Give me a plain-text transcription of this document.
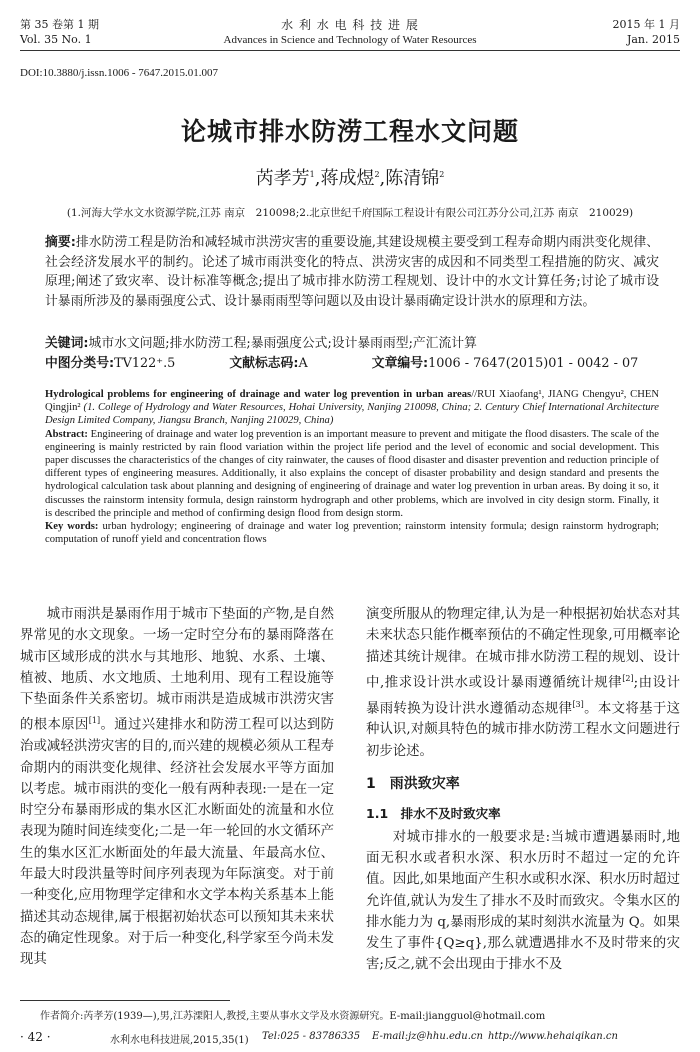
第 35 卷第 1 期
Vol. 35 No. 1
水 利 水 电 科 技 进 展
Advances in Science and Technology of Water Resources
2015 年 1 月
Jan. 2015
DOI:10.3880/j.issn.1006 - 7647.2015.01.007
论城市排水防涝工程水文问题
芮孝芳$^1$,蒋成煜$^2$,陈清锦$^2$
(1.河海大学水文水资源学院,江苏 南京　210098;2.北京世纪千府国际工程设计有限公司江苏分公司,江苏 南京　210029)
摘要:排水防涝工程是防治和减轻城市洪涝灾害的重要设施,其建设规模主要受到工程寿命期内雨洪变化规律、社会经济发展水平的制约。论述了城市雨洪变化的特点、洪涝灾害的成因和不同类型工程措施的防灾、减灾原理;阐述了致灾率、设计标准等概念;提出了城市排水防涝工程规划、设计中的水文计算任务;讨论了城市设计暴雨所涉及的暴雨强度公式、设计暴雨雨型等问题以及由设计暴雨确定设计洪水的原理和方法。
关键词:城市水文问题;排水防涝工程;暴雨强度公式;设计暴雨雨型;产汇流计算
中图分类号:TV122⁺.5	文献标志码:A	文章编号:1006 - 7647(2015)01 - 0042 - 07
Hydrological problems for engineering of drainage and water log prevention in urban areas//RUI Xiaofang¹, JIANG Chengyu², CHEN Qingjin² (1. College of Hydrology and Water Resources, Hohai University, Nanjing 210098, China; 2. Century Chief International Architecture Design Limited Company, Jiangsu Branch, Nanjing 210029, China)
Abstract: Engineering of drainage and water log prevention is an important measure to prevent and mitigate the flood disasters. The scale of the engineering is mainly restricted by rain flood variation within the project life period and the level of economic and social development. This paper discusses the characteristics of the changes of city rainwater, the causes of flood disaster and disaster prevention and reduction principle of different types of engineering measures. Additionally, it also explains the concept of disaster probability and design standard and presents the hydrological calculation task about planning and designing of engineering of drainage and water log prevention in urban areas. By doing it so, it discusses the rainstorm intensity formula, design rainstorm hydrograph and other problems, which are involved in city design storm. Finally, it is described the principle and method of confirming design flood from design storm.
Key words: urban hydrology; engineering of drainage and water log prevention; rainstorm intensity formula; design rainstorm hydrograph; computation of runoff yield and concentration flows

城市雨洪是暴雨作用于城市下垫面的产物,是自然界常见的水文现象。一场一定时空分布的暴雨降落在城市区域形成的洪水与其地形、地貌、水系、土壤、植被、地质、水文地质、土地利用、现有工程设施等下垫面条件关系密切。城市雨洪是造成城市洪涝灾害的根本原因[1]。通过兴建排水和防涝工程可以达到防治或减轻洪涝灾害的目的,而兴建的规模必须从工程寿命期内的雨洪变化规律、经济社会发展水平等方面加以考虑。城市雨洪的变化一般有两种表现:一是在一定时空分布暴雨形成的集水区汇水断面处的流量和水位表现为随时间连续变化;二是一年一轮回的水文循环产生的集水区汇水断面处的年最大流量、年最高水位、年最大时段洪量等时间序列表现为年际演变。对于前一种变化,应用物理学定律和水文学本构关系基本上能描述其动态规律,属于根据初始状态可以预知其未来状态的确定性现象。对于后一种变化,科学家至今尚未发现其

演变所服从的物理定律,认为是一种根据初始状态对其未来状态只能作概率预估的不确定性现象,可用概率论描述其统计规律。在城市排水防涝工程的规划、设计中,推求设计洪水或设计暴雨遵循统计规律[2];由设计暴雨转换为设计洪水遵循动态规律[3]。本文将基于这种认识,对颇具特色的城市排水防涝工程水文问题进行初步论述。

1　雨洪致灾率
1.1　排水不及时致灾率

对城市排水的一般要求是:当城市遭遇暴雨时,地面无积水或者积水深、积水历时不超过一定的允许值。因此,如果地面产生积水或积水深、积水历时超过允许值,就认为发生了排水不及时而致灾。令集水区的排水能力为 q,暴雨形成的某时刻洪水流量为 Q。如果发生了事件{Q≥q},那么就遭遇排水不及时带来的灾害;反之,就不会出现由于排水不及

作者简介:芮孝芳(1939—),男,江苏溧阳人,教授,主要从事水文学及水资源研究。E-mail:jiangguol@hotmail.com
· 42 ·	水利水电科技进展,2015,35(1) Tel:025 - 83786335 E-mail:jz@hhu.edu.cn http://www.hehaiqikan.cn
